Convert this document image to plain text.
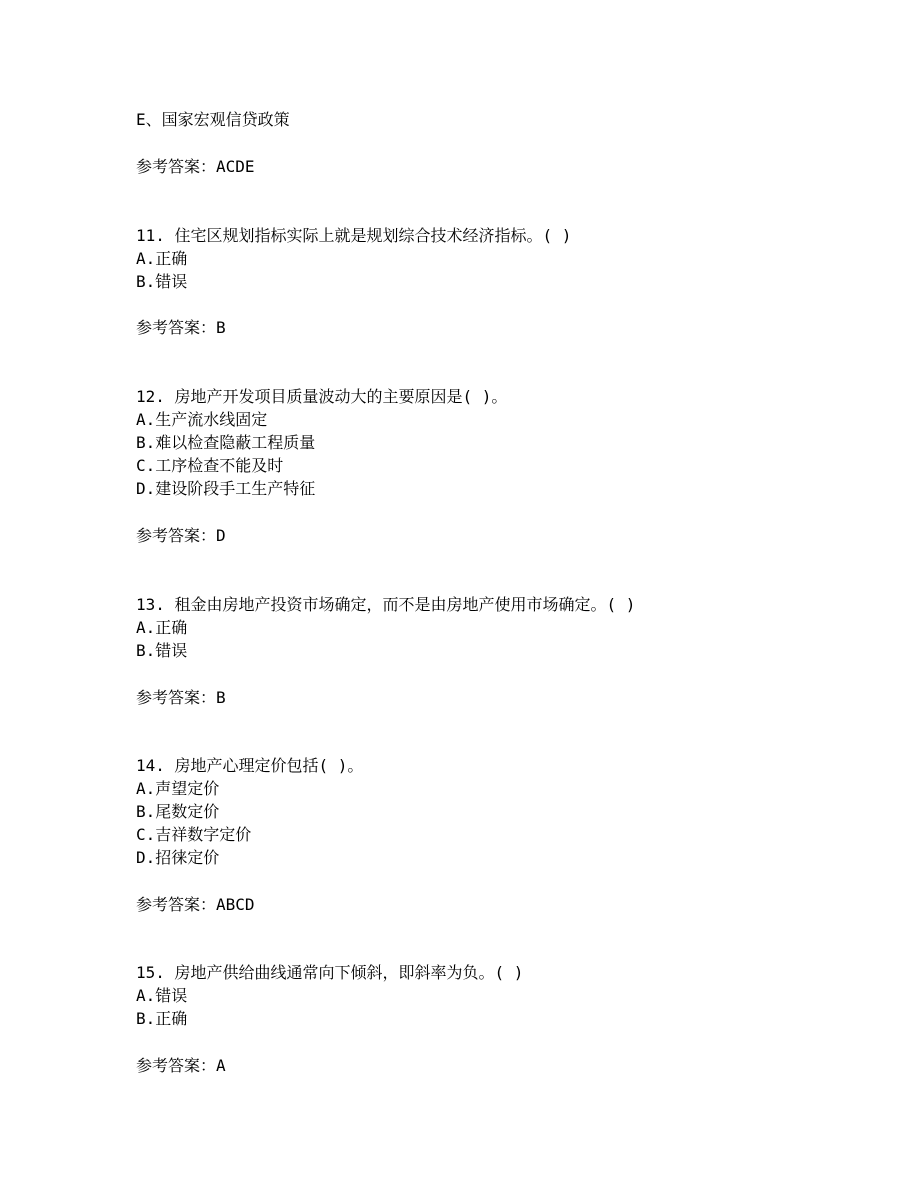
E、国家宏观信贷政策
参考答案：ACDE
11. 住宅区规划指标实际上就是规划综合技术经济指标。( )
A.正确
B.错误
参考答案：B
12. 房地产开发项目质量波动大的主要原因是( )。
A.生产流水线固定
B.难以检查隐蔽工程质量
C.工序检查不能及时
D.建设阶段手工生产特征
参考答案：D
13. 租金由房地产投资市场确定，而不是由房地产使用市场确定。( )
A.正确
B.错误
参考答案：B
14. 房地产心理定价包括( )。
A.声望定价
B.尾数定价
C.吉祥数字定价
D.招徕定价
参考答案：ABCD
15. 房地产供给曲线通常向下倾斜，即斜率为负。( )
A.错误
B.正确
参考答案：A
